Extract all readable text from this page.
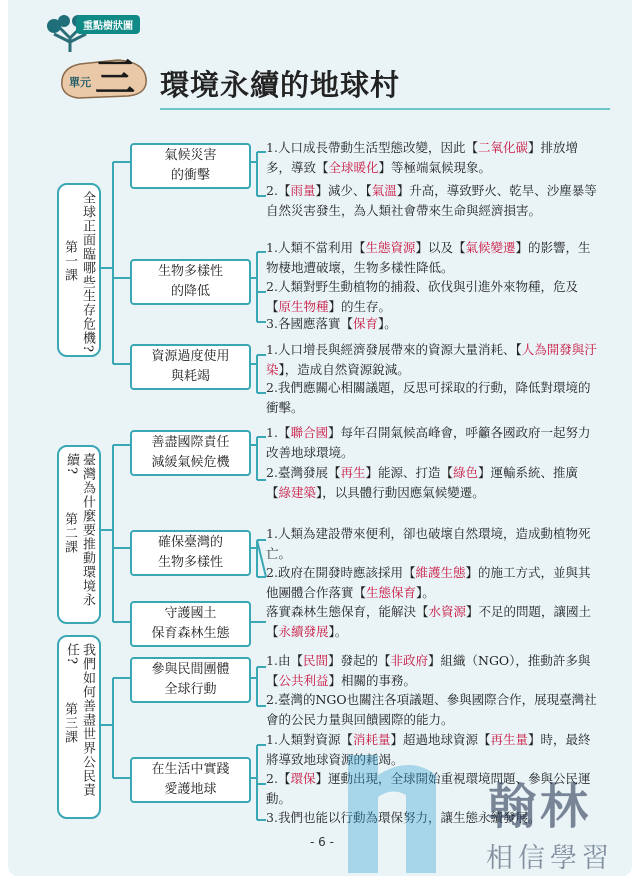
重點樹狀圖
單元 三 環境永續的地球村
全球正面臨哪些生存危機?
第一課
臺灣為什麼要推動環境永續?
第二課
我們如何善盡世界公民責任?
第三課
氣候災害
的衝擊
生物多樣性
的降低
資源過度使用
與耗竭
善盡國際責任
減緩氣候危機
確保臺灣的
生物多樣性
守護國土
保育森林生態
參與民間團體
全球行動
在生活中實踐
愛護地球
1.人口成長帶動生活型態改變，因此【二氧化碳】排放增多，導致【全球暖化】等極端氣候現象。
2.【雨量】減少、【氣溫】升高，導致野火、乾旱、沙塵暴等自然災害發生，為人類社會帶來生命與經濟損害。
1.人類不當利用【生態資源】以及【氣候變遷】的影響，生物棲地遭破壞，生物多樣性降低。
2.人類對野生動植物的捕殺、砍伐與引進外來物種，危及【原生物種】的生存。
3.各國應落實【保育】。
1.人口增長與經濟發展帶來的資源大量消耗、【人為開發與汙染】，造成自然資源銳減。
2.我們應關心相關議題，反思可採取的行動，降低對環境的衝擊。
1.【聯合國】每年召開氣候高峰會，呼籲各國政府一起努力改善地球環境。
2.臺灣發展【再生】能源、打造【綠色】運輸系統、推廣【綠建築】，以具體行動因應氣候變遷。
1.人類為建設帶來便利，卻也破壞自然環境，造成動植物死亡。
2.政府在開發時應該採用【維護生態】的施工方式，並與其他團體合作落實【生態保育】。
落實森林生態保育，能解決【水資源】不足的問題，讓國土【永續發展】。
1.由【民間】發起的【非政府】組織（NGO），推動許多與【公共利益】相關的事務。
2.臺灣的NGO也關注各項議題、參與國際合作，展現臺灣社會的公民力量與回饋國際的能力。
1.人類對資源【消耗量】超過地球資源【再生量】時，最終將導致地球資源的耗竭。
2.【環保】運動出現，全球開始重視環境問題、參與公民運動。
3.我們也能以行動為環保努力，讓生態永續發展。
- 6 -
翰林
相信學習
